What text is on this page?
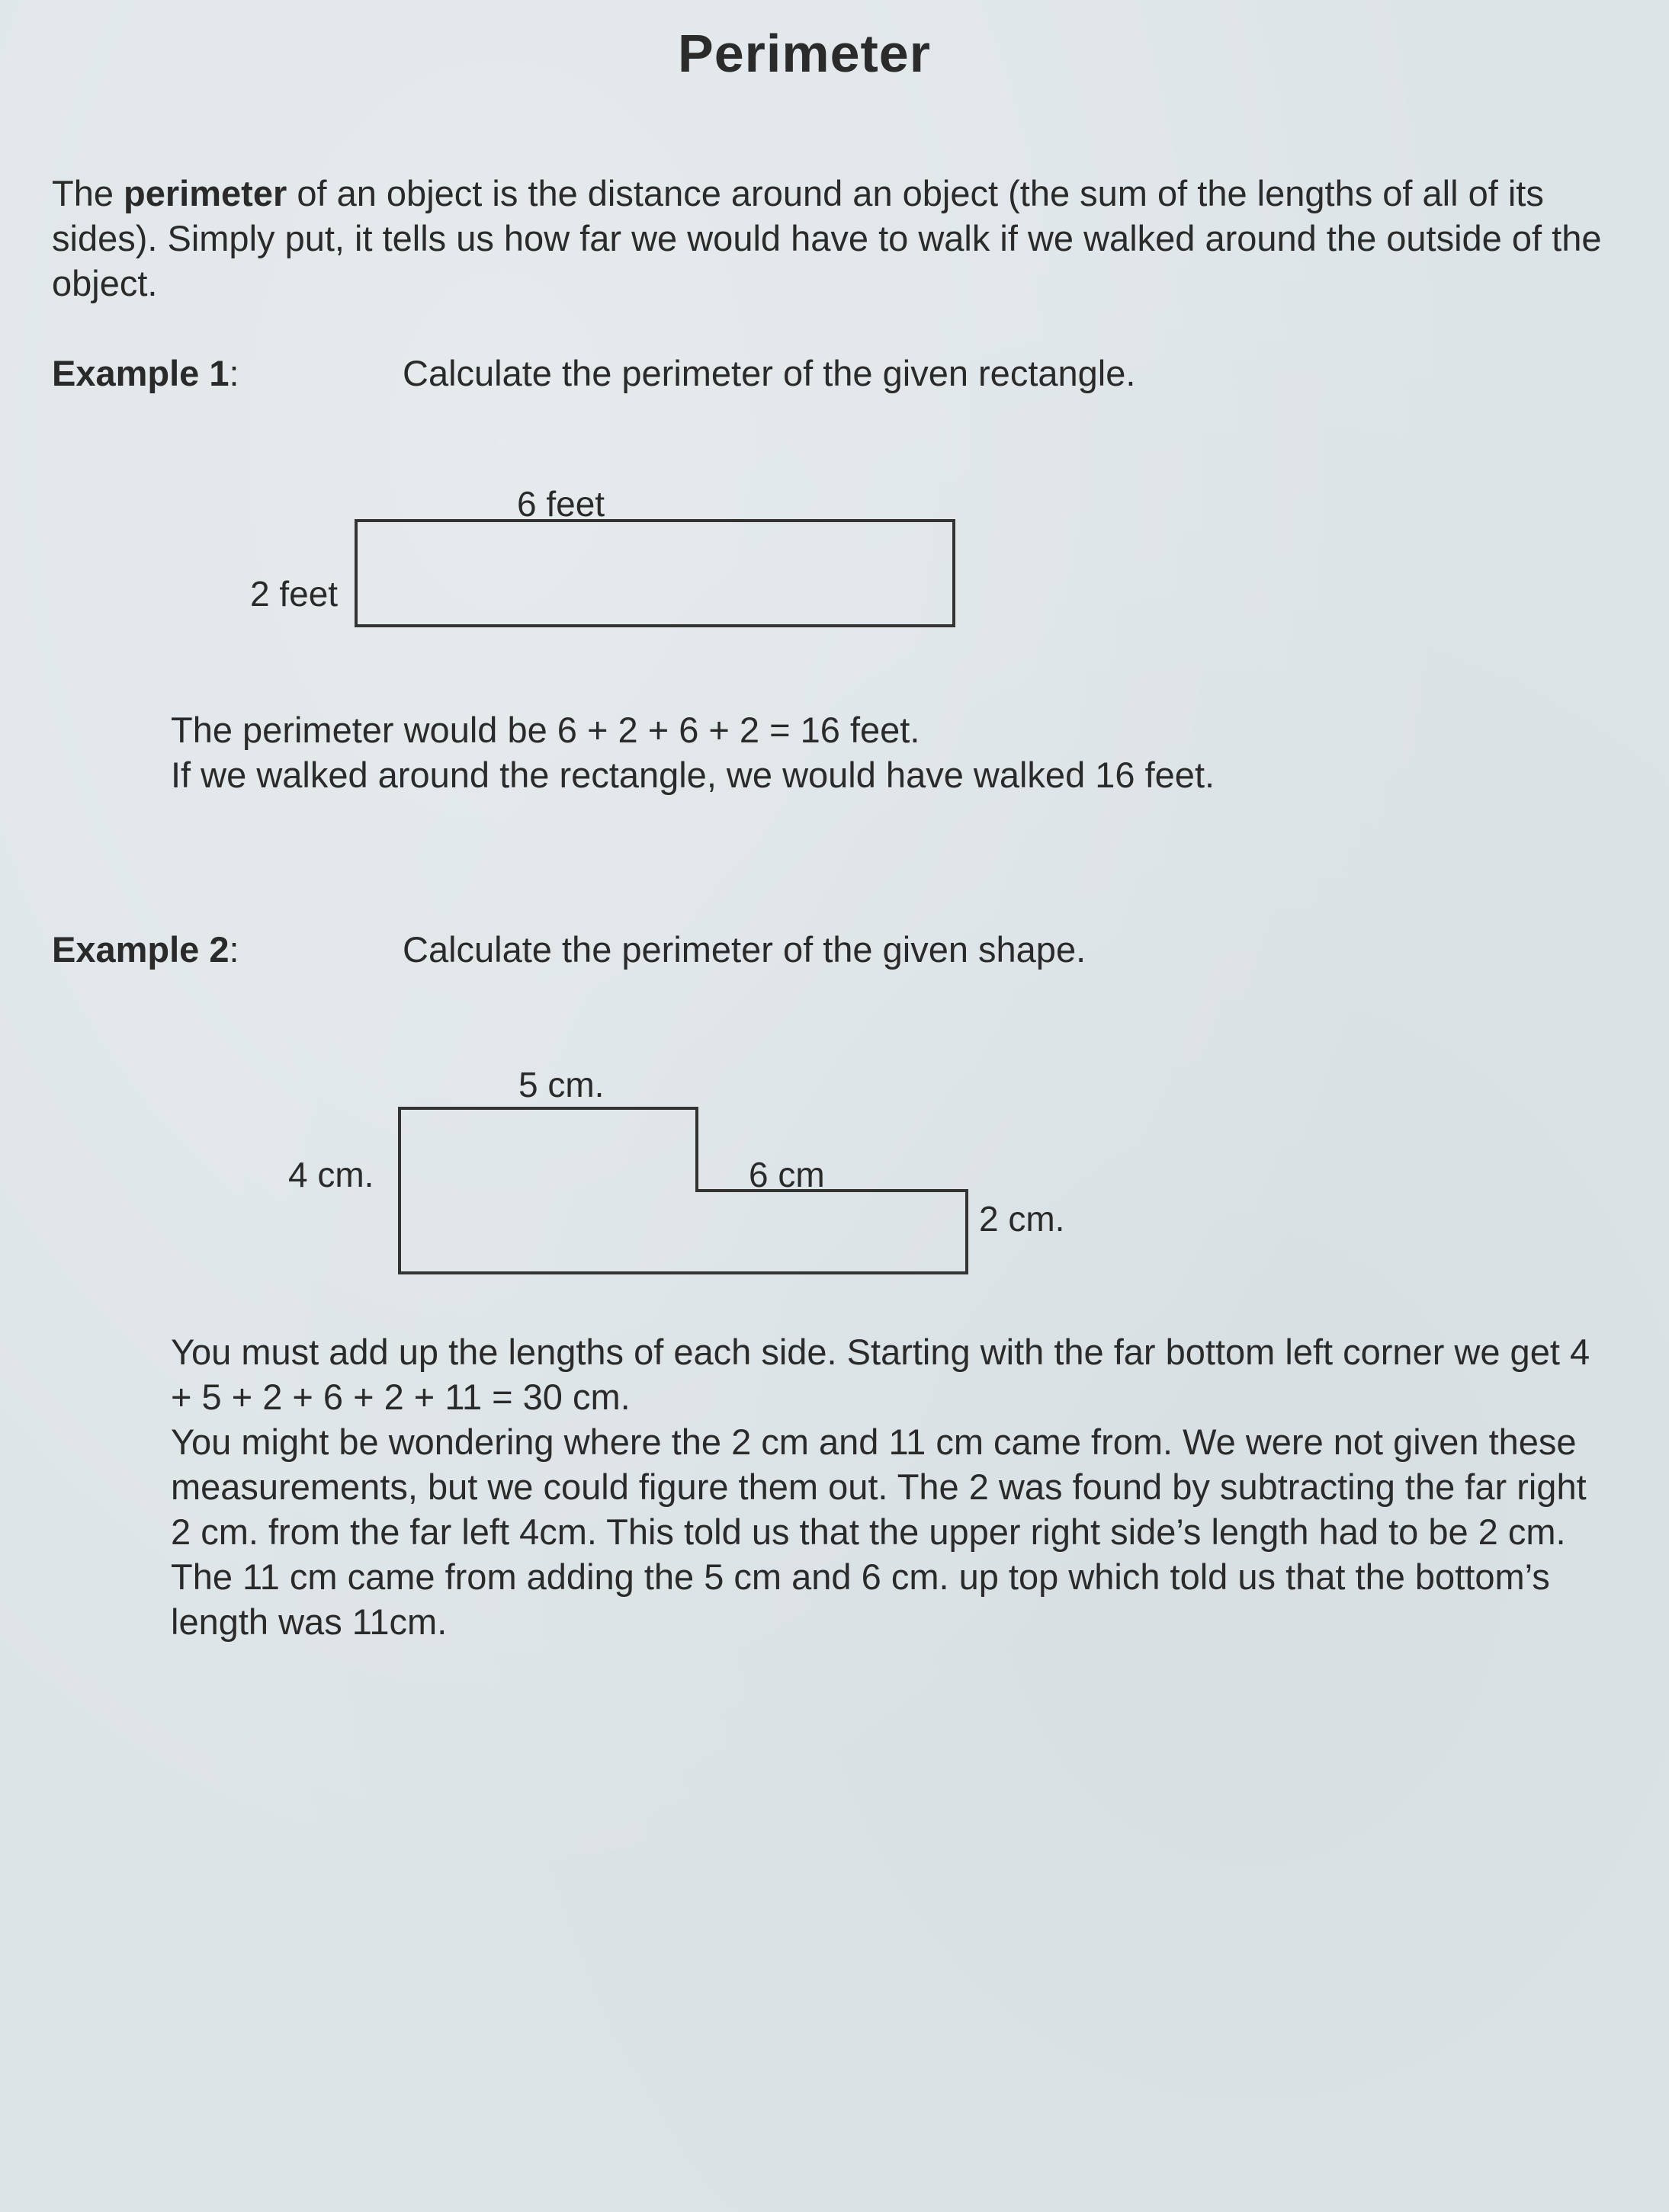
Perimeter
The perimeter of an object is the distance around an object (the sum of the lengths of all of its sides). Simply put, it tells us how far we would have to walk if we walked around the outside of the object.
Example 1:	Calculate the perimeter of the given rectangle.
6 feet
2 feet
The perimeter would be 6 + 2 + 6 + 2 = 16 feet.
If we walked around the rectangle, we would have walked 16 feet.
Example 2:	Calculate the perimeter of the given shape.
5 cm.
4 cm.	6 cm
2 cm.
You must add up the lengths of each side. Starting with the far bottom left corner we get 4 + 5 + 2 + 6 + 2 + 11 = 30 cm.
You might be wondering where the 2 cm and 11 cm came from. We were not given these measurements, but we could figure them out. The 2 was found by subtracting the far right 2 cm. from the far left 4cm. This told us that the upper right side’s length had to be 2 cm. The 11 cm came from adding the 5 cm and 6 cm. up top which told us that the bottom’s length was 11cm.
